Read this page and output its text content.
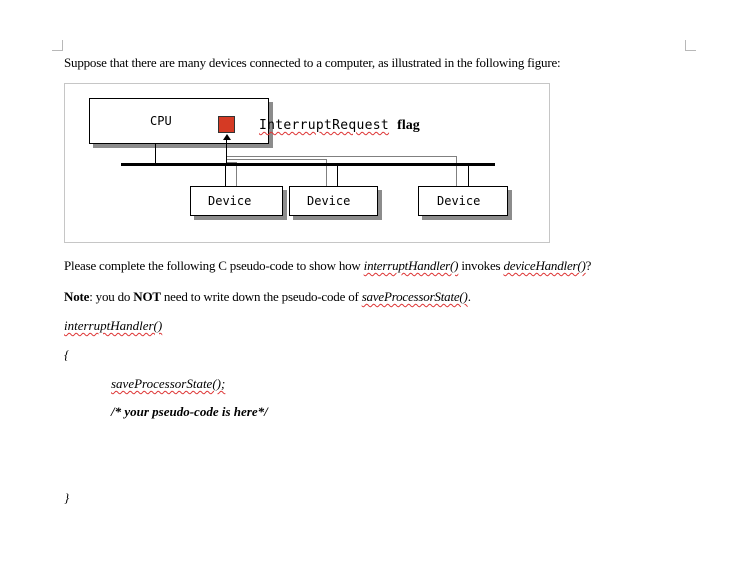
Suppose that there are many devices connected to a computer, as illustrated in the following figure:
CPU	InterruptRequest flag
Device	Device	Device
Please complete the following C pseudo-code to show how interruptHandler() invokes deviceHandler()?
Note: you do NOT need to write down the pseudo-code of saveProcessorState().
interruptHandler()
{
saveProcessorState();
/* your pseudo-code is here*/
}
